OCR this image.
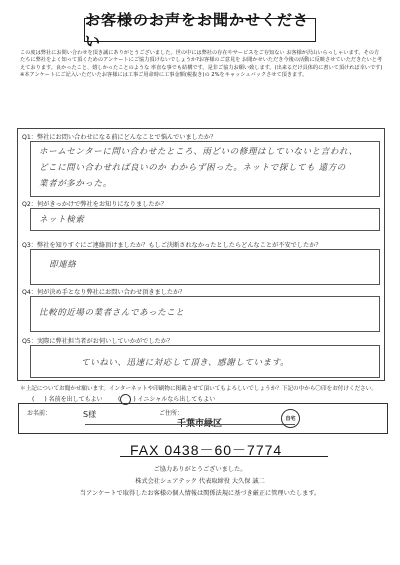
お客様のお声をお聞かせください

この度は弊社にお問い合わせを頂き誠にありがとうございました。世の中には弊社の存在やサービスをご存知ない お客様が沢山いらっしゃいます。その方たちに弊社をよく知って頂くためのアンケートにご協力頂けないでしょうか?お客様のご意見を お聞かせいただき今後の活動に反映させていただきたいと考えております。良かったこと、嬉しかったことのような 率直な事でも結構です。是非ご協力お願い致します。(出来るだけ具体的に書いて頂ければ幸いです) ※本アンケートにご記入いただいたお客様には工事ご用命時に工事金額(税抜き)の 2%をキャッシュバックさせて頂きます。

Q1：弊社にお問い合わせになる前にどんなことで悩んでいましたか？
ホームセンターに問い合わせたところ、雨どいの修理はしていないと言われ、
どこに問い合わせれば良いのか わからず困った。ネットで探しても 遠方の
業者が多かった。
Q2：何がきっかけで弊社をお知りになりましたか？
ネット検索
Q3：弊社を知りすぐにご連絡頂けましたか？もしご決断されなかったとしたらどんなことが不安でしたか？
即連絡
Q4：何が決め手となり弊社にお問い合わせ頂きましたか？
比較的近場の業者さんであったこと
Q5：実際に弊社担当者がお伺いしていかがでしたか？
ていねい、迅速に対応して頂き、感謝しています。
＊上記についてお聞かせ願います。インターネットや印刷物に掲載させて頂いてもよろしいでしょうか？下記の中から〇印をお付けください。
( ) 名前を出してもよい	(○ ) イニシャルなら出してもよい
お名前：	S様	ご住所：
千葉市緑区
自宅
FAX 0438－60－7774
ご協力ありがとうございました。
株式会社シェアテック 代表取締役 大久保 誠二
当アンケートで取得したお客様の個人情報は関係法規に基づき厳正に管理いたします。
